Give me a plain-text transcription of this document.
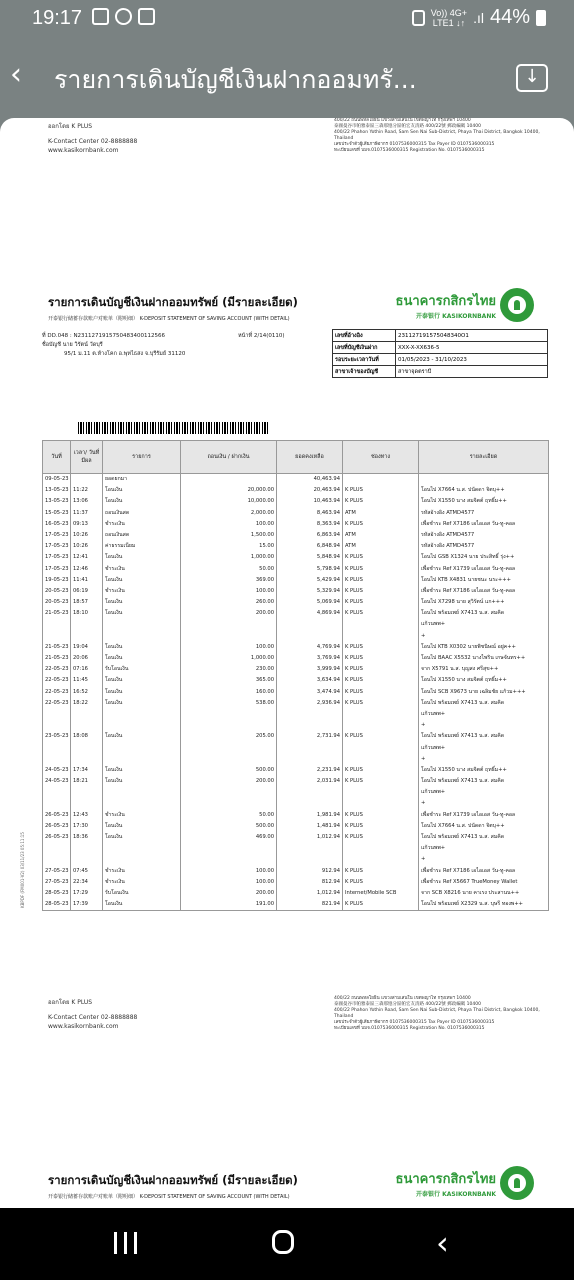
19:17	Vo)) 4G+
LTE1 ↓↑ .ıl 44%
‹ รายการเดินบัญชีเงินฝากออมทรั...	↓
ออกโดย K PLUS
K-Contact Center 02-8888888
www.kasikornbank.com
400/22 ถนนพหลโยธิน แขวงสามเสนใน เขตพญาไท กรุงเทพฯ 10400
泰國曼谷市帕雅泰區三森那憶分區帕宏友清路 400/22號 郵政編碼 10400
400/22 Phahon Yothin Road, Sam Sen Nai Sub-District, Phaya Thai District, Bangkok 10400, Thailand
เลขประจำตัวผู้เสียภาษีอากร 0107536000315 Tax Payer ID 0107536000315
ทะเบียนเลขที่ บมจ.0107536000315 Registration No. 0107536000315
รายการเดินบัญชีเงินฝากออมทรัพย์ (มีรายละเอียด)
开泰银行储蓄存款账户对账单（附明细） K-DEPOSIT STATEMENT OF SAVING ACCOUNT (WITH DETAIL)
ธนาคารกสิกรไทย
开泰银行 KASIKORNBANK
ที่ DD.048 : N2311271915750483400112566
ชื่อบัญชี นาย วิรัตน์ วัดบุรี
95/1 ม.11 ต.ห้างโคก อ.พุทไธสง จ.บุรีรัมย์ 31120
หน้าที่ 2/14(0110)	เลขที่อ้างอิง	231127191575048340O1
เลขที่บัญชีเงินฝาก	XXX-X-XX636-5
รอบระยะเวลาวันที่	01/05/2023 - 31/10/2023
สาขาเจ้าของบัญชี	สาขาจุดตราบี
วันที่	เวลา/ วันที่มีผล	รายการ	ถอนเงิน / ฝากเงิน	ยอดคงเหลือ	ช่องทาง	รายละเอียด
09-05-23		ยอดยกมา		40,463.94		
13-05-23	11:22	โอนเงิน	20,000.00	20,463.94	K PLUS	โอนไป X7664 น.ส. ปนัดดา จิตบุ++
13-05-23	13:06	โอนเงิน	10,000.00	10,463.94	K PLUS	โอนไป X1550 นาง สมจิตต์ ฤทธิ์ม++
15-05-23	11:37	ถอนเงินสด	2,000.00	8,463.94	ATM	รหัสอ้างอิง ATMD4577
16-05-23	09:13	ชำระเงิน	100.00	8,363.94	K PLUS	เพื่อชำระ Ref X7186 เอไอเอส วัน-ทู-คอล
17-05-23	10:26	ถอนเงินสด	1,500.00	6,863.94	ATM	รหัสอ้างอิง ATMD4577
17-05-23	10:26	ค่าธรรมเนียม	15.00	6,848.94	ATM	รหัสอ้างอิง ATMD4577
17-05-23	12:41	โอนเงิน	1,000.00	5,848.94	K PLUS	โอนไป GSB X1324 นาย ประสิทธิ์ รุ่ง++
17-05-23	12:46	ชำระเงิน	50.00	5,798.94	K PLUS	เพื่อชำระ Ref X1739 เอไอเอส วัน-ทู-คอล
19-05-23	11:41	โอนเงิน	369.00	5,429.94	K PLUS	โอนไป KTB X4831 นายชนะ นระ+++
20-05-23	06:19	ชำระเงิน	100.00	5,329.94	K PLUS	เพื่อชำระ Ref X7186 เอไอเอส วัน-ทู-คอล
20-05-23	18:57	โอนเงิน	260.00	5,069.94	K PLUS	โอนไป X7298 นาย สุวิรัตน์ แก+++
21-05-23	18:10	โอนเงิน	200.00	4,869.94	K PLUS	โอนไป พร้อมเพย์ X7413 น.ส. สมคิด
						แก้วนพพ+
						+
21-05-23	19:04	โอนเงิน	100.00	4,769.94	K PLUS	โอนไป KTB X0302 นายพิชนิษณ์ อยู่ค++
21-05-23	20:06	โอนเงิน	1,000.00	3,769.94	K PLUS	โอนไป BAAC X5532 นางไพริน เกษจันทร++
22-05-23	07:16	รับโอนเงิน	230.00	3,999.94	K PLUS	จาก X5791 น.ส. บุญสง ศรีสุข++
22-05-23	11:45	โอนเงิน	365.00	3,634.94	K PLUS	โอนไป X1550 นาง สมจิตต์ ฤทธิ์ม++
22-05-23	16:52	โอนเงิน	160.00	3,474.94	K PLUS	โอนไป SCB X9673 นาย เฉลิมชัย แก้วม+++
22-05-23	18:22	โอนเงิน	538.00	2,936.94	K PLUS	โอนไป พร้อมเพย์ X7413 น.ส. สมคิด
						แก้วนพพ+
						+
23-05-23	18:08	โอนเงิน	205.00	2,731.94	K PLUS	โอนไป พร้อมเพย์ X7413 น.ส. สมคิด
						แก้วนพพ+
						+
24-05-23	17:34	โอนเงิน	500.00	2,231.94	K PLUS	โอนไป X1550 นาง สมจิตต์ ฤทธิ์ม++
24-05-23	18:21	โอนเงิน	200.00	2,031.94	K PLUS	โอนไป พร้อมเพย์ X7413 น.ส. สมคิด
						แก้วนพพ+
						+
26-05-23	12:43	ชำระเงิน	50.00	1,981.94	K PLUS	เพื่อชำระ Ref X1739 เอไอเอส วัน-ทู-คอล
26-05-23	17:30	โอนเงิน	500.00	1,481.94	K PLUS	โอนไป X7664 น.ส. ปนัดดา จิตบุ++
26-05-23	18:36	โอนเงิน	469.00	1,012.94	K PLUS	โอนไป พร้อมเพย์ X7413 น.ส. สมคิด
						แก้วนพพ+
						+
27-05-23	07:45	ชำระเงิน	100.00	912.94	K PLUS	เพื่อชำระ Ref X7186 เอไอเอส วัน-ทู-คอล
27-05-23	22:34	ชำระเงิน	100.00	812.94	K PLUS	เพื่อชำระ Ref X5667 TrueMoney Wallet
28-05-23	17:29	รับโอนเงิน	200.00	1,012.94	Internet/Mobile SCB	จาก SCB X8216 นาย คาเรง ประสานน++
28-05-23	17:39	โอนเงิน	191.00	821.94	K PLUS	โอนไป พร้อมเพย์ X2329 น.ส. บุษรี ทองพ++
KBPDF (FM001-V2) 03/11/23 05:11:15
ออกโดย K PLUS
K-Contact Center 02-8888888
www.kasikornbank.com
400/22 ถนนพหลโยธิน แขวงสามเสนใน เขตพญาไท กรุงเทพฯ 10400
泰國曼谷市帕雅泰區三森那憶分區帕宏友清路 400/22號 郵政編碼 10400
400/22 Phahon Yothin Road, Sam Sen Nai Sub-District, Phaya Thai District, Bangkok 10400, Thailand
เลขประจำตัวผู้เสียภาษีอากร 0107536000315 Tax Payer ID 0107536000315
ทะเบียนเลขที่ บมจ.0107536000315 Registration No. 0107536000315
รายการเดินบัญชีเงินฝากออมทรัพย์ (มีรายละเอียด)
开泰银行储蓄存款账户对账单（附明细） K-DEPOSIT STATEMENT OF SAVING ACCOUNT (WITH DETAIL)
ธนาคารกสิกรไทย
开泰银行 KASIKORNBANK
‹
